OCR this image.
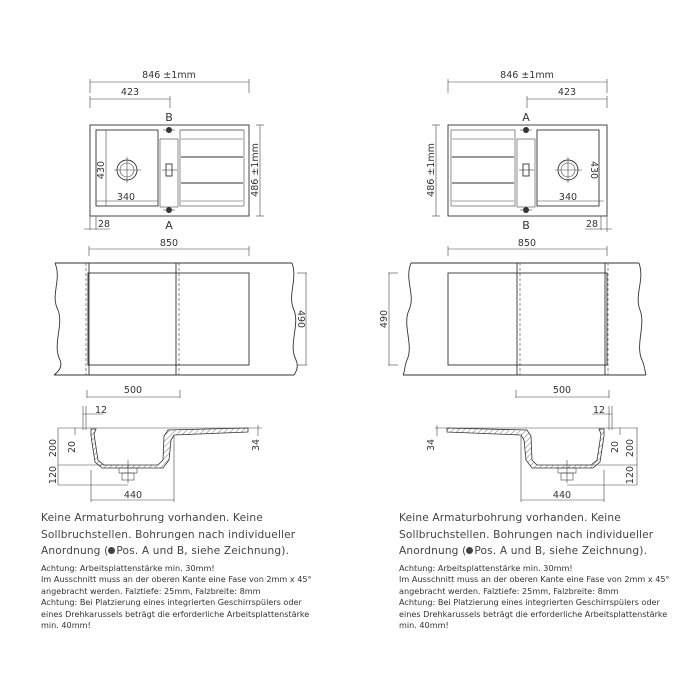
846 ±1mm
423
B
A
486 ±1mm
430
340
28
850
490
500
12
34
200
120
20
440
846 ±1mm
423
A
B
486 ±1mm	430
340
28
850
490
500
12
34	200
120
20
440

Keine Armaturbohrung vorhanden. Keine

Sollbruchstellen. Bohrungen nach individueller

Anordnung ( Pos. A und B, siehe Zeichnung).

Achtung: Arbeitsplattenstärke min. 30mm!

Im Ausschnitt muss an der oberen Kante eine Fase von 2mm x 45°

angebracht werden. Falztiefe: 25mm, Falzbreite: 8mm

Achtung: Bei Platzierung eines integrierten Geschirrspülers oder

eines Drehkarussels beträgt die erforderliche Arbeitsplattenstärke

min. 40mm!

Keine Armaturbohrung vorhanden. Keine

Sollbruchstellen. Bohrungen nach individueller

Anordnung ( Pos. A und B, siehe Zeichnung).

Achtung: Arbeitsplattenstärke min. 30mm!

Im Ausschnitt muss an der oberen Kante eine Fase von 2mm x 45°

angebracht werden. Falztiefe: 25mm, Falzbreite: 8mm

Achtung: Bei Platzierung eines integrierten Geschirrspülers oder

eines Drehkarussels beträgt die erforderliche Arbeitsplattenstärke

min. 40mm!
